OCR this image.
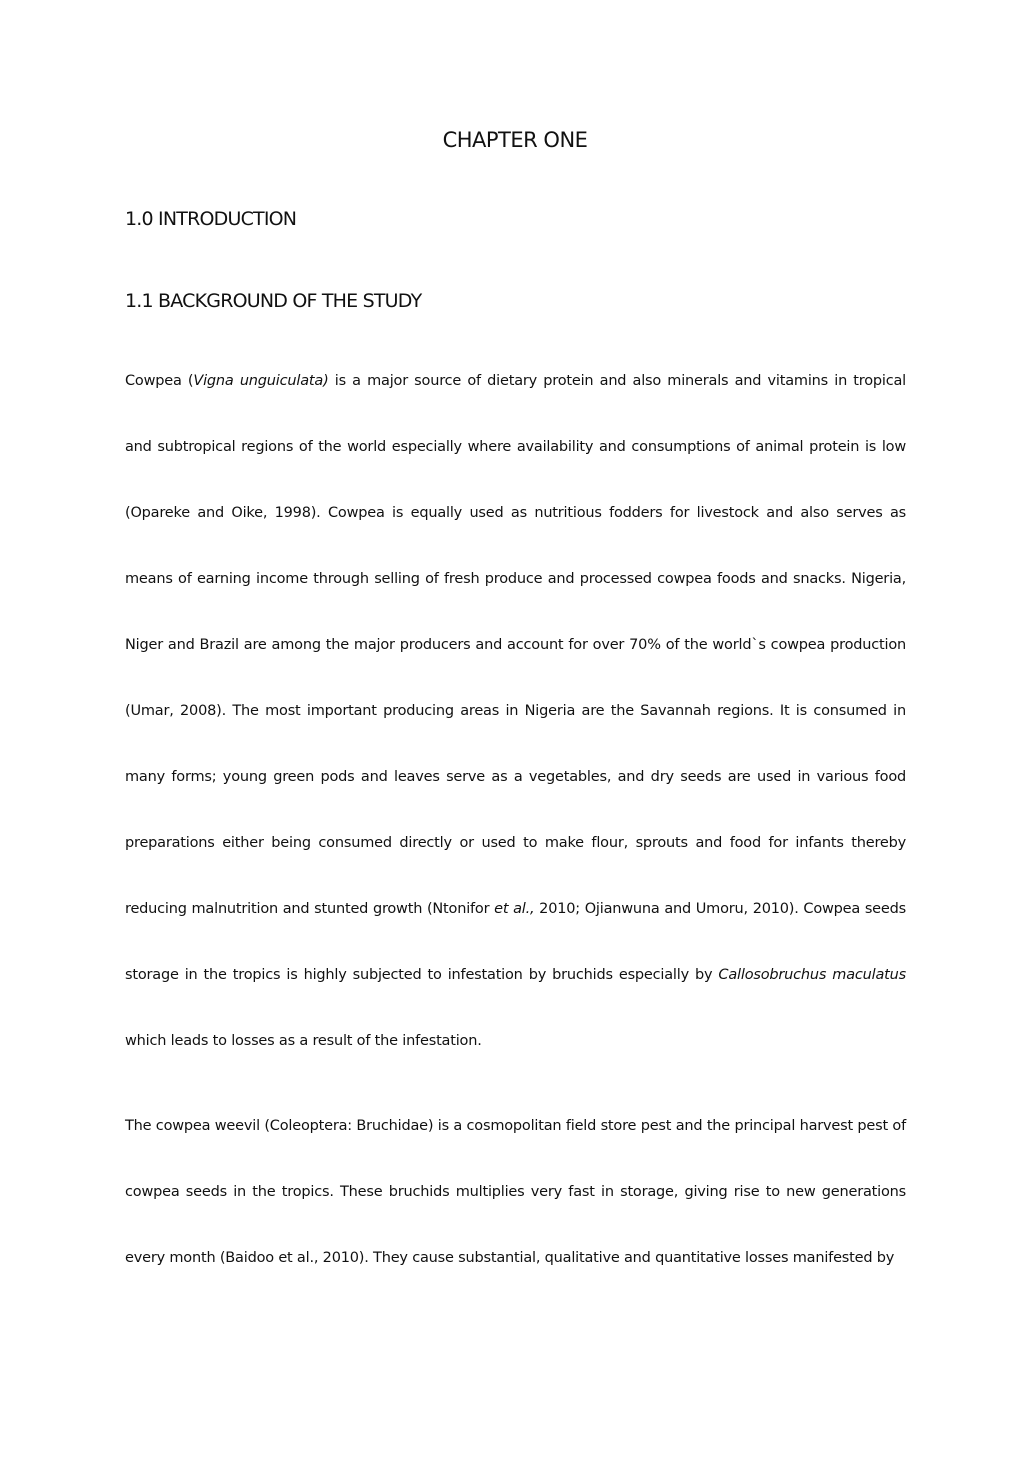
CHAPTER ONE
1.0 INTRODUCTION
1.1 BACKGROUND OF THE STUDY

Cowpea (Vigna unguiculata) is a major source of dietary protein and also minerals and vitamins in tropical and subtropical regions of the world especially where availability and consumptions of animal protein is low (Opareke and Oike, 1998). Cowpea is equally used as nutritious fodders for livestock and also serves as means of earning income through selling of fresh produce and processed cowpea foods and snacks. Nigeria, Niger and Brazil are among the major producers and account for over 70% of the world`s cowpea production (Umar, 2008). The most important producing areas in Nigeria are the Savannah regions. It is consumed in many forms; young green pods and leaves serve as a vegetables, and dry seeds are used in various food preparations either being consumed directly or used to make flour, sprouts and food for infants thereby reducing malnutrition and stunted growth (Ntonifor et al., 2010; Ojianwuna and Umoru, 2010). Cowpea seeds storage in the tropics is highly subjected to infestation by bruchids especially by Callosobruchus maculatus which leads to losses as a result of the infestation.

The cowpea weevil (Coleoptera: Bruchidae) is a cosmopolitan field store pest and the principal harvest pest of cowpea seeds in the tropics. These bruchids multiplies very fast in storage, giving rise to new generations every month (Baidoo et al., 2010). They cause substantial, qualitative and quantitative losses manifested by
